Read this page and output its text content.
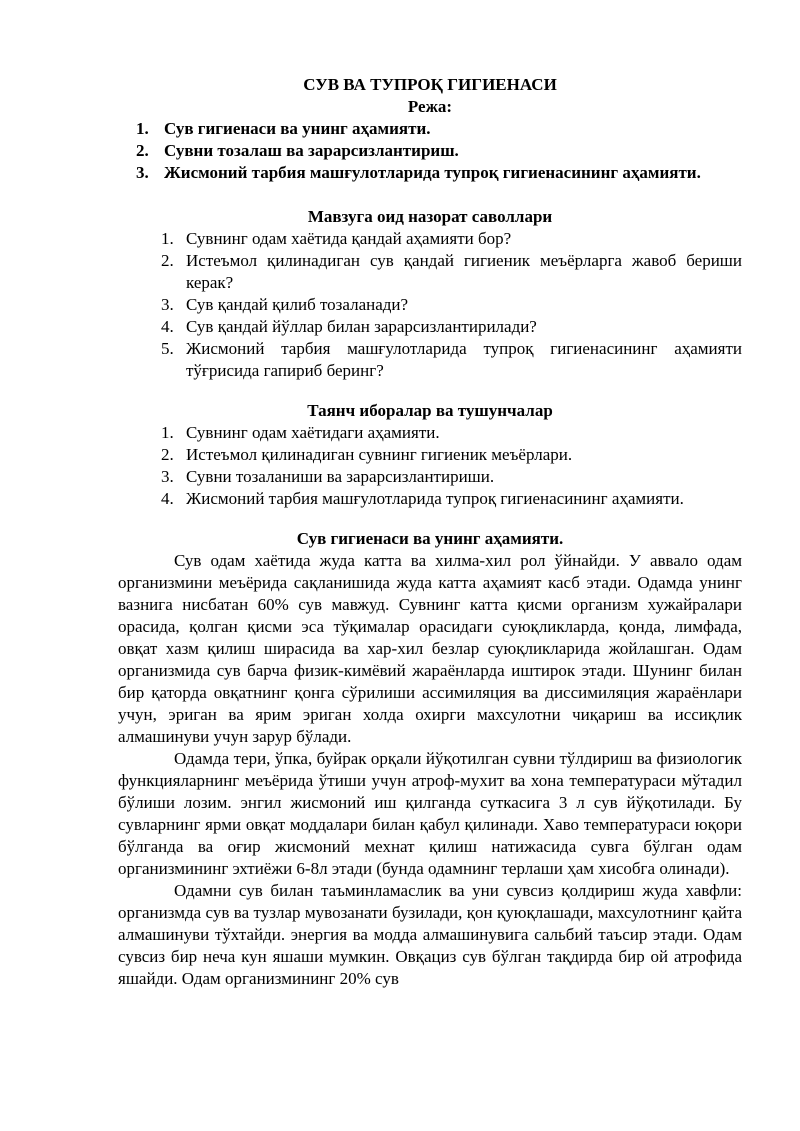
СУВ ВА ТУПРОҚ ГИГИЕНАСИ

Режа:

1. Сув гигиенаси ва унинг аҳамияти.
2. Сувни тозалаш ва зарарсизлантириш.
3. Жисмоний тарбия машғулотларида тупроқ гигиенасининг аҳамияти.

Мавзуга оид назорат саволлари

1. Сувнинг одам хаётида қандай аҳамияти бор?
2. Истеъмол қилинадиган сув қандай гигиеник меъёрларга жавоб бериши керак?
3. Сув қандай қилиб тозаланади?
4. Сув қандай йўллар билан зарарсизлантирилади?
5. Жисмоний тарбия машғулотларида тупроқ гигиенасининг аҳамияти тўғрисида гапириб беринг?

Таянч иборалар ва тушунчалар

1. Сувнинг одам хаётидаги аҳамияти.
2. Истеъмол қилинадиган сувнинг гигиеник меъёрлари.
3. Сувни тозаланиши ва зарарсизлантириши.
4. Жисмоний тарбия машғулотларида тупроқ гигиенасининг аҳамияти.

Сув гигиенаси ва унинг аҳамияти.

Сув одам хаётида жуда катта ва хилма-хил рол ўйнайди. У аввало одам организмини меъёрида сақланишида жуда катта аҳамият касб этади. Одамда унинг вазнига нисбатан 60% сув мавжуд. Сувнинг катта қисми организм хужайралари орасида, қолган қисми эса тўқималар орасидаги суюқликларда, қонда, лимфада, овқат хазм қилиш ширасида ва хар-хил безлар суюқликларида жойлашган. Одам организмида сув барча физик-кимёвий жараёнларда иштирок этади. Шунинг билан бир қаторда овқатнинг қонга сўрилиши ассимиляция ва диссимиляция жараёнлари учун, эриган ва ярим эриган холда охирги махсулотни чиқариш ва иссиқлик алмашинуви учун зарур бўлади.

Одамда тери, ўпка, буйрак орқали йўқотилган сувни тўлдириш ва физиологик функцияларнинг меъёрида ўтиши учун атроф-мухит ва хона температураси мўтадил бўлиши лозим. энгил жисмоний иш қилганда суткасига 3 л сув йўқотилади. Бу сувларнинг ярми овқат моддалари билан қабул қилинади. Хаво температураси юқори бўлганда ва оғир жисмоний мехнат қилиш натижасида сувга бўлган одам организмининг эхтиёжи 6-8л этади (бунда одамнинг терлаши ҳам хисобга олинади).

Одамни сув билан таъминламаслик ва уни сувсиз қолдириш жуда хавфли: организмда сув ва тузлар мувозанати бузилади, қон қуюқлашади, махсулотнинг қайта алмашинуви тўхтайди. энергия ва модда алмашинувига сальбий таъсир этади. Одам сувсиз бир неча кун яшаши мумкин. Овқациз сув бўлган тақдирда бир ой атрофида яшайди. Одам организмининг 20% сув
